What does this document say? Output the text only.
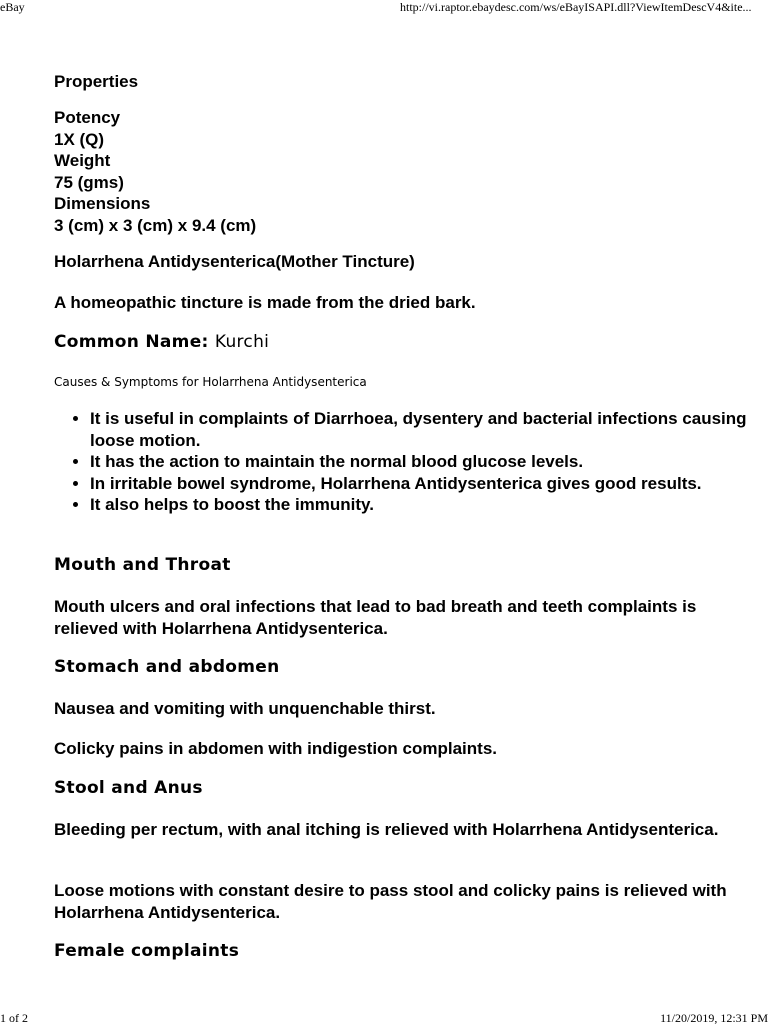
eBay	http://vi.raptor.ebaydesc.com/ws/eBayISAPI.dll?ViewItemDescV4&ite...
Properties
Potency
1X (Q)
Weight
75 (gms)
Dimensions
3 (cm) x 3 (cm) x 9.4 (cm)
Holarrhena Antidysenterica(Mother Tincture)
A homeopathic tincture is made from the dried bark.
Common Name: Kurchi
Causes & Symptoms for Holarrhena Antidysenterica
• It is useful in complaints of Diarrhoea, dysentery and bacterial infections causing loose motion.
• It has the action to maintain the normal blood glucose levels.
• In irritable bowel syndrome, Holarrhena Antidysenterica gives good results.
• It also helps to boost the immunity.
Mouth and Throat
Mouth ulcers and oral infections that lead to bad breath and teeth complaints is relieved with Holarrhena Antidysenterica.
Stomach and abdomen
Nausea and vomiting with unquenchable thirst.
Colicky pains in abdomen with indigestion complaints.
Stool and Anus
Bleeding per rectum, with anal itching is relieved with Holarrhena Antidysenterica.
Loose motions with constant desire to pass stool and colicky pains is relieved with Holarrhena Antidysenterica.
Female complaints
1 of 2	11/20/2019, 12:31 PM
